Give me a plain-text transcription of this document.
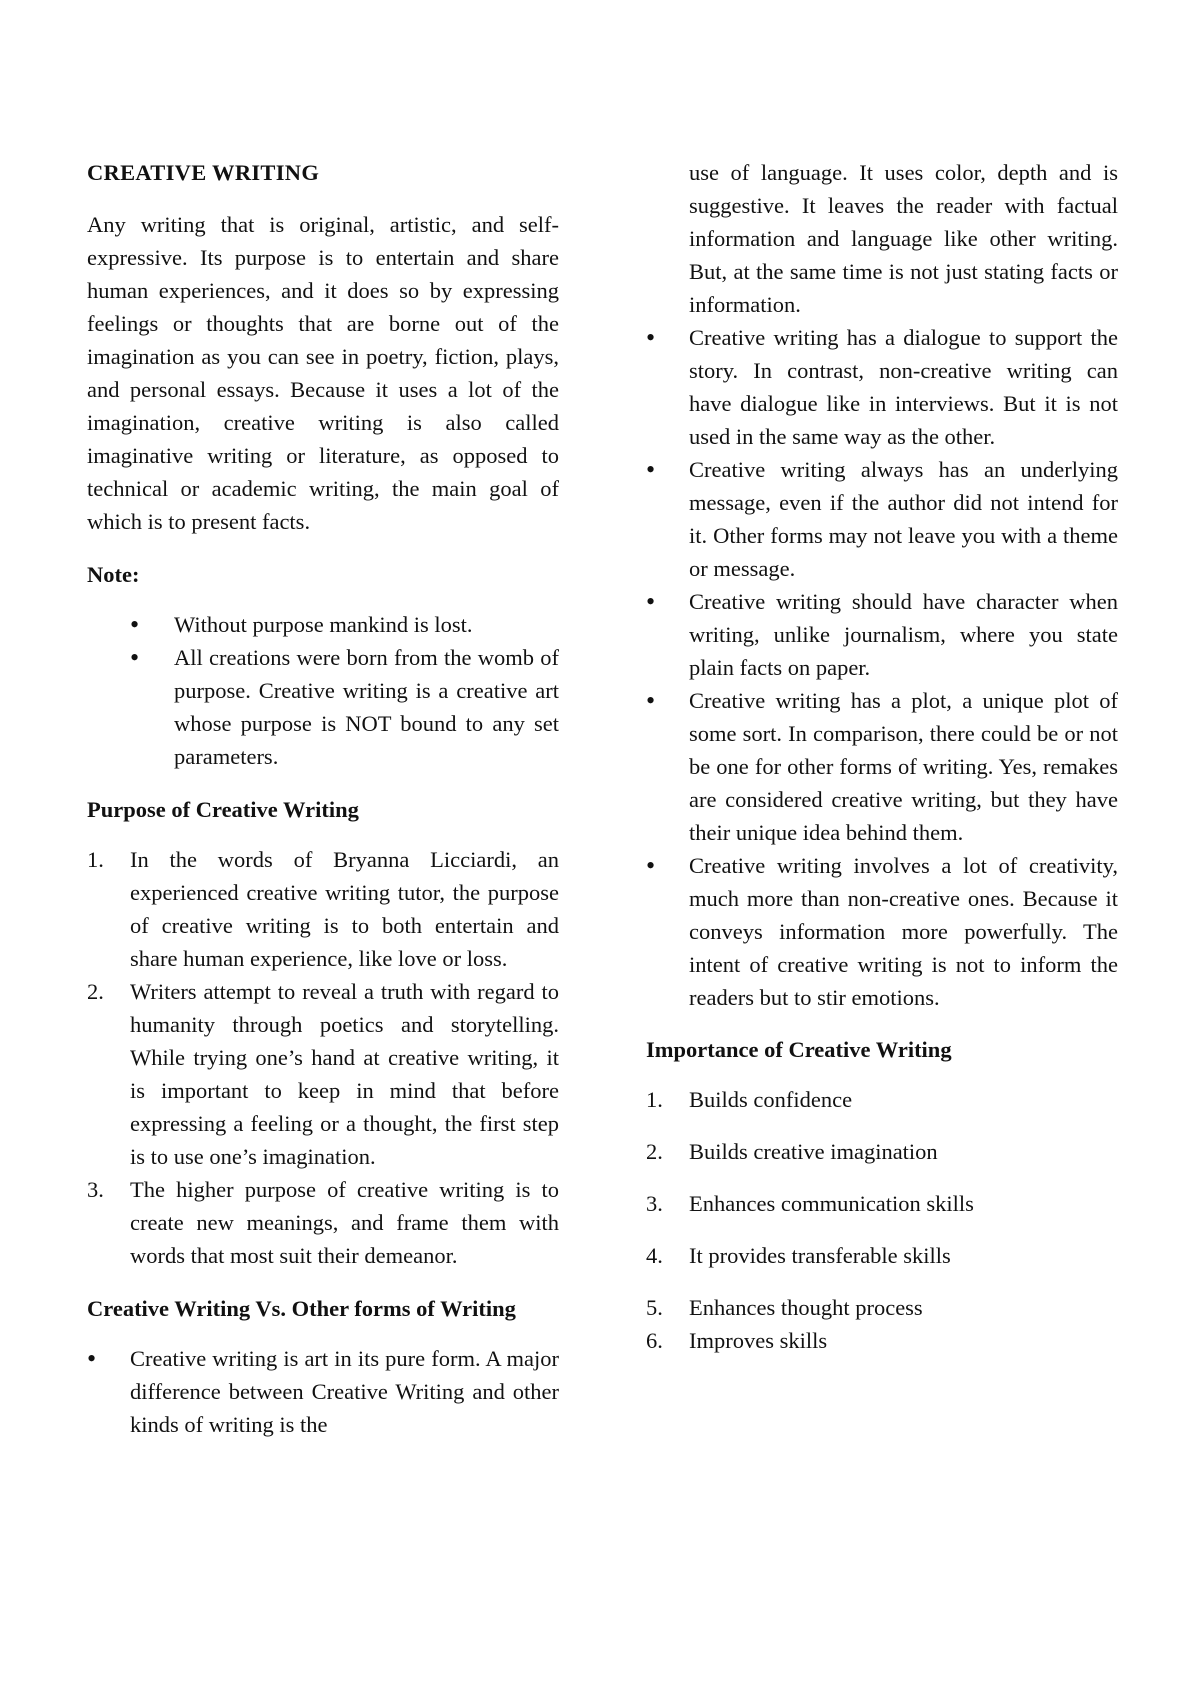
CREATIVE WRITING

Any writing that is original, artistic, and self-expressive. Its purpose is to entertain and share human experiences, and it does so by expressing feelings or thoughts that are borne out of the imagination as you can see in poetry, fiction, plays, and personal essays. Because it uses a lot of the imagination, creative writing is also called imaginative writing or literature, as opposed to technical or academic writing, the main goal of which is to present facts.

Note:

• Without purpose mankind is lost.
• All creations were born from the womb of purpose. Creative writing is a creative art whose purpose is NOT bound to any set parameters.

Purpose of Creative Writing

1. In the words of Bryanna Licciardi, an experienced creative writing tutor, the purpose of creative writing is to both entertain and share human experience, like love or loss.
2. Writers attempt to reveal a truth with regard to humanity through poetics and storytelling. While trying one’s hand at creative writing, it is important to keep in mind that before expressing a feeling or a thought, the first step is to use one’s imagination.
3. The higher purpose of creative writing is to create new meanings, and frame them with words that most suit their demeanor.

Creative Writing Vs. Other forms of Writing

• Creative writing is art in its pure form. A major difference between Creative Writing and other kinds of writing is the
use of language. It uses color, depth and is suggestive. It leaves the reader with factual information and language like other writing. But, at the same time is not just stating facts or information.
• Creative writing has a dialogue to support the story. In contrast, non-creative writing can have dialogue like in interviews. But it is not used in the same way as the other.
• Creative writing always has an underlying message, even if the author did not intend for it. Other forms may not leave you with a theme or message.
• Creative writing should have character when writing, unlike journalism, where you state plain facts on paper.
• Creative writing has a plot, a unique plot of some sort. In comparison, there could be or not be one for other forms of writing. Yes, remakes are considered creative writing, but they have their unique idea behind them.
• Creative writing involves a lot of creativity, much more than non-creative ones. Because it conveys information more powerfully. The intent of creative writing is not to inform the readers but to stir emotions.

Importance of Creative Writing

1. Builds confidence
2. Builds creative imagination
3. Enhances communication skills
4. It provides transferable skills
5. Enhances thought process
6. Improves skills
